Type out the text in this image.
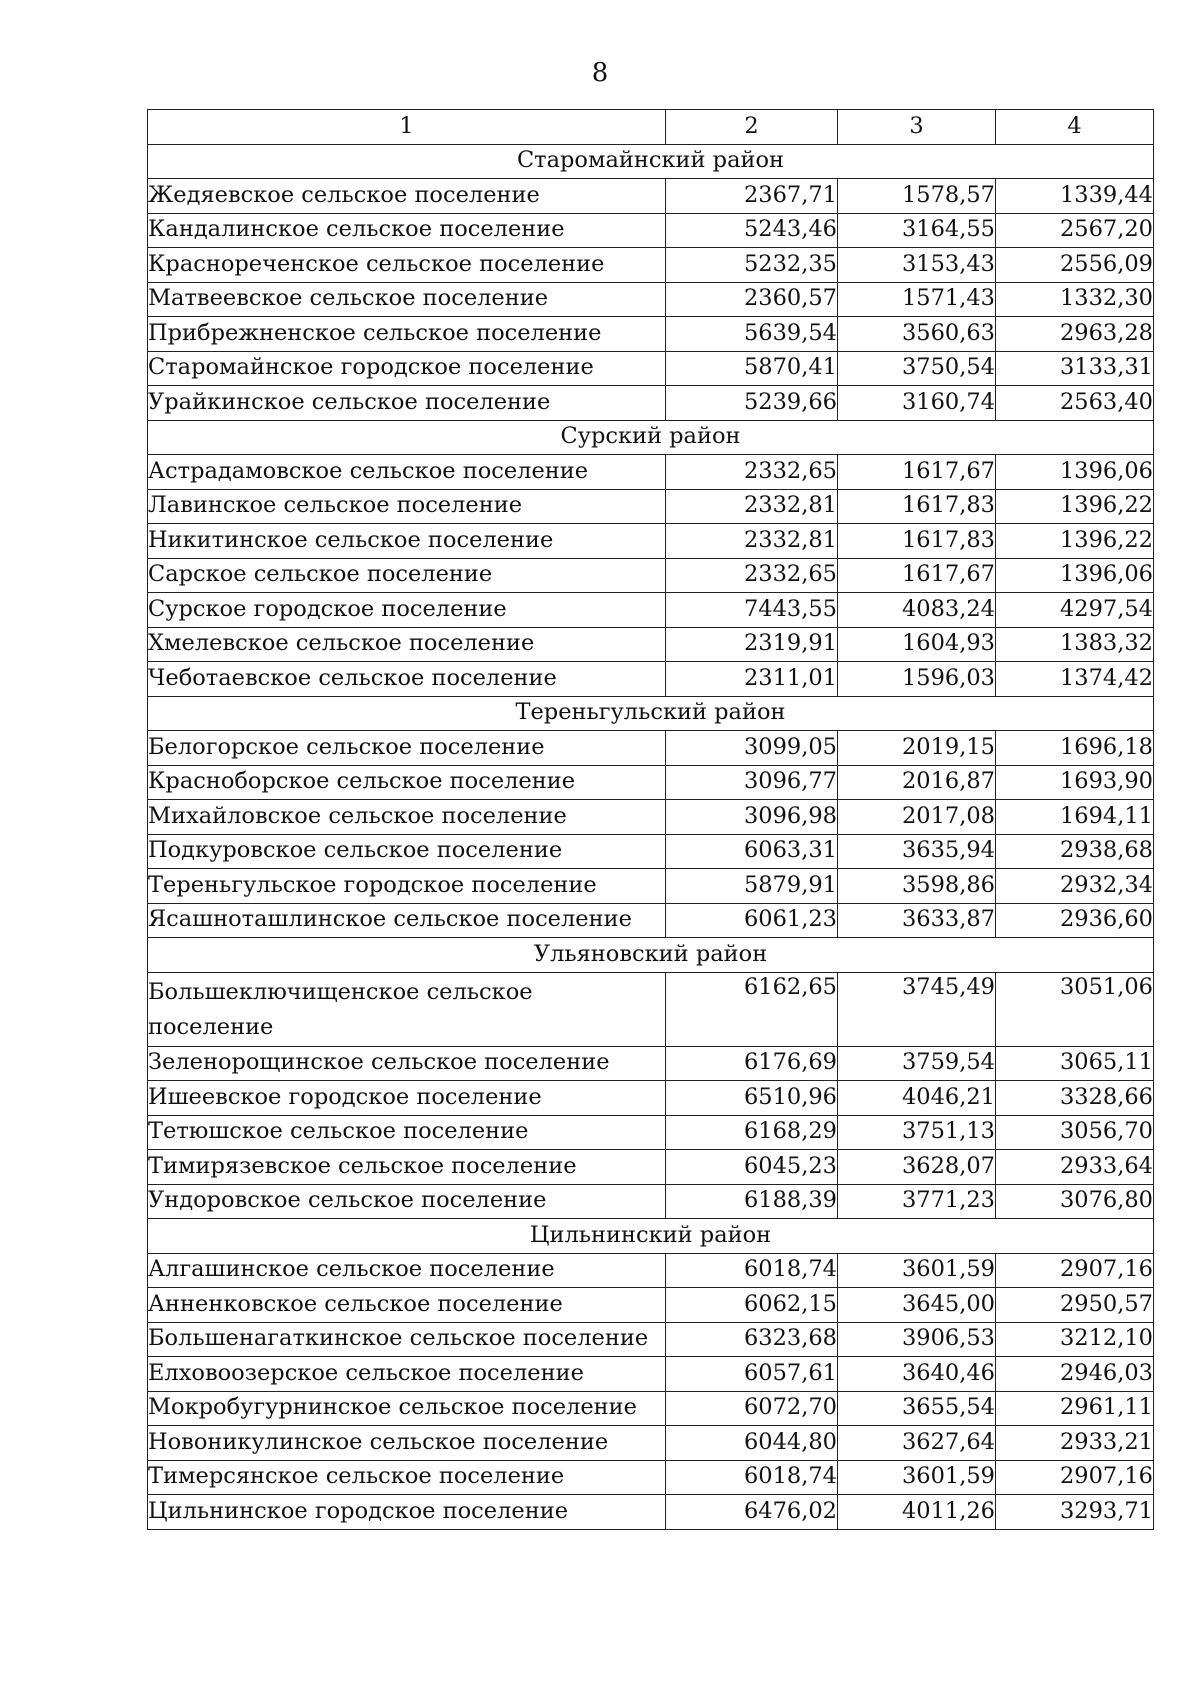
8
1	2	3	4
Старомайнский район			
Жедяевское сельское поселение	2367,71	1578,57	1339,44
Кандалинское сельское поселение	5243,46	3164,55	2567,20
Краснореченское сельское поселение	5232,35	3153,43	2556,09
Матвеевское сельское поселение	2360,57	1571,43	1332,30
Прибрежненское сельское поселение	5639,54	3560,63	2963,28
Старомайнское городское поселение	5870,41	3750,54	3133,31
Урайкинское сельское поселение	5239,66	3160,74	2563,40
Сурский район			
Астрадамовское сельское поселение	2332,65	1617,67	1396,06
Лавинское сельское поселение	2332,81	1617,83	1396,22
Никитинское сельское поселение	2332,81	1617,83	1396,22
Сарское сельское поселение	2332,65	1617,67	1396,06
Сурское городское поселение	7443,55	4083,24	4297,54
Хмелевское сельское поселение	2319,91	1604,93	1383,32
Чеботаевское сельское поселение	2311,01	1596,03	1374,42
Тереньгульский район			
Белогорское сельское поселение	3099,05	2019,15	1696,18
Красноборское сельское поселение	3096,77	2016,87	1693,90
Михайловское сельское поселение	3096,98	2017,08	1694,11
Подкуровское сельское поселение	6063,31	3635,94	2938,68
Тереньгульское городское поселение	5879,91	3598,86	2932,34
Ясашноташлинское сельское поселение	6061,23	3633,87	2936,60
Ульяновский район			
Большеключищенское сельское поселение	6162,65	3745,49	3051,06
Зеленорощинское сельское поселение	6176,69	3759,54	3065,11
Ишеевское городское поселение	6510,96	4046,21	3328,66
Тетюшское сельское поселение	6168,29	3751,13	3056,70
Тимирязевское сельское поселение	6045,23	3628,07	2933,64
Ундоровское сельское поселение	6188,39	3771,23	3076,80
Цильнинский район			
Алгашинское сельское поселение	6018,74	3601,59	2907,16
Анненковское сельское поселение	6062,15	3645,00	2950,57
Большенагаткинское сельское поселение	6323,68	3906,53	3212,10
Елховоозерское сельское поселение	6057,61	3640,46	2946,03
Мокробугурнинское сельское поселение	6072,70	3655,54	2961,11
Новоникулинское сельское поселение	6044,80	3627,64	2933,21
Тимерсянское сельское поселение	6018,74	3601,59	2907,16
Цильнинское городское поселение	6476,02	4011,26	3293,71
